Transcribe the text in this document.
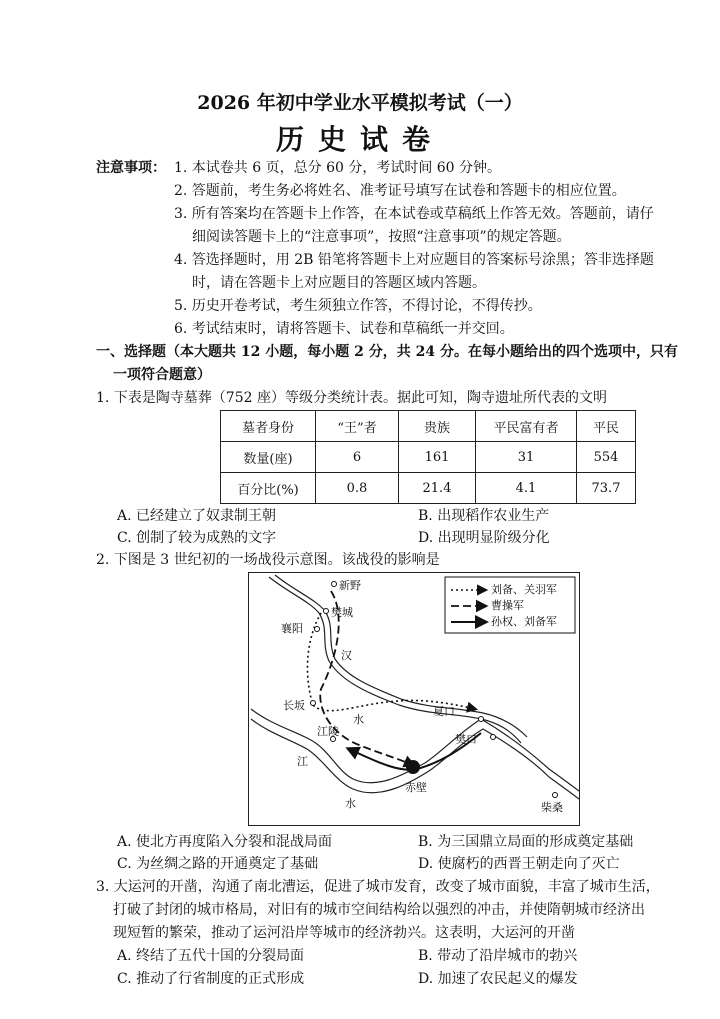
2026 年初中学业水平模拟考试（一）
历史试卷
注意事项： 1. 本试卷共 6 页，总分 60 分，考试时间 60 分钟。
2. 答题前，考生务必将姓名、准考证号填写在试卷和答题卡的相应位置。
3. 所有答案均在答题卡上作答，在本试卷或草稿纸上作答无效。答题前，请仔
细阅读答题卡上的“注意事项”，按照“注意事项”的规定答题。
4. 答选择题时，用 2B 铅笔将答题卡上对应题目的答案标号涂黑；答非选择题
时，请在答题卡上对应题目的答题区域内答题。
5. 历史开卷考试，考生须独立作答，不得讨论，不得传抄。
6. 考试结束时，请将答题卡、试卷和草稿纸一并交回。
一、选择题（本大题共 12 小题，每小题 2 分，共 24 分。在每小题给出的四个选项中，只有
一项符合题意）
1. 下表是陶寺墓葬（752 座）等级分类统计表。据此可知，陶寺遗址所代表的文明
墓者身份	“王”者	贵族	平民富有者	平民
数量(座)	6	161	31	554
百分比(%)	0.8	21.4	4.1	73.7
A. 已经建立了奴隶制王朝	B. 出现稻作农业生产
C. 创制了较为成熟的文字	D. 出现明显阶级分化
2. 下图是 3 世纪初的一场战役示意图。该战役的影响是
刘备、关羽军
曹操军
孙权、刘备军
新野
樊城
襄阳
长坂
江陵
夏口
樊口
赤壁
柴桑
汉
水
江
水
A. 使北方再度陷入分裂和混战局面	B. 为三国鼎立局面的形成奠定基础
C. 为丝绸之路的开通奠定了基础	D. 使腐朽的西晋王朝走向了灭亡
3. 大运河的开凿，沟通了南北漕运，促进了城市发育，改变了城市面貌，丰富了城市生活，
打破了封闭的城市格局，对旧有的城市空间结构给以强烈的冲击，并使隋朝城市经济出
现短暂的繁荣，推动了运河沿岸等城市的经济勃兴。这表明，大运河的开凿
A. 终结了五代十国的分裂局面	B. 带动了沿岸城市的勃兴
C. 推动了行省制度的正式形成	D. 加速了农民起义的爆发
